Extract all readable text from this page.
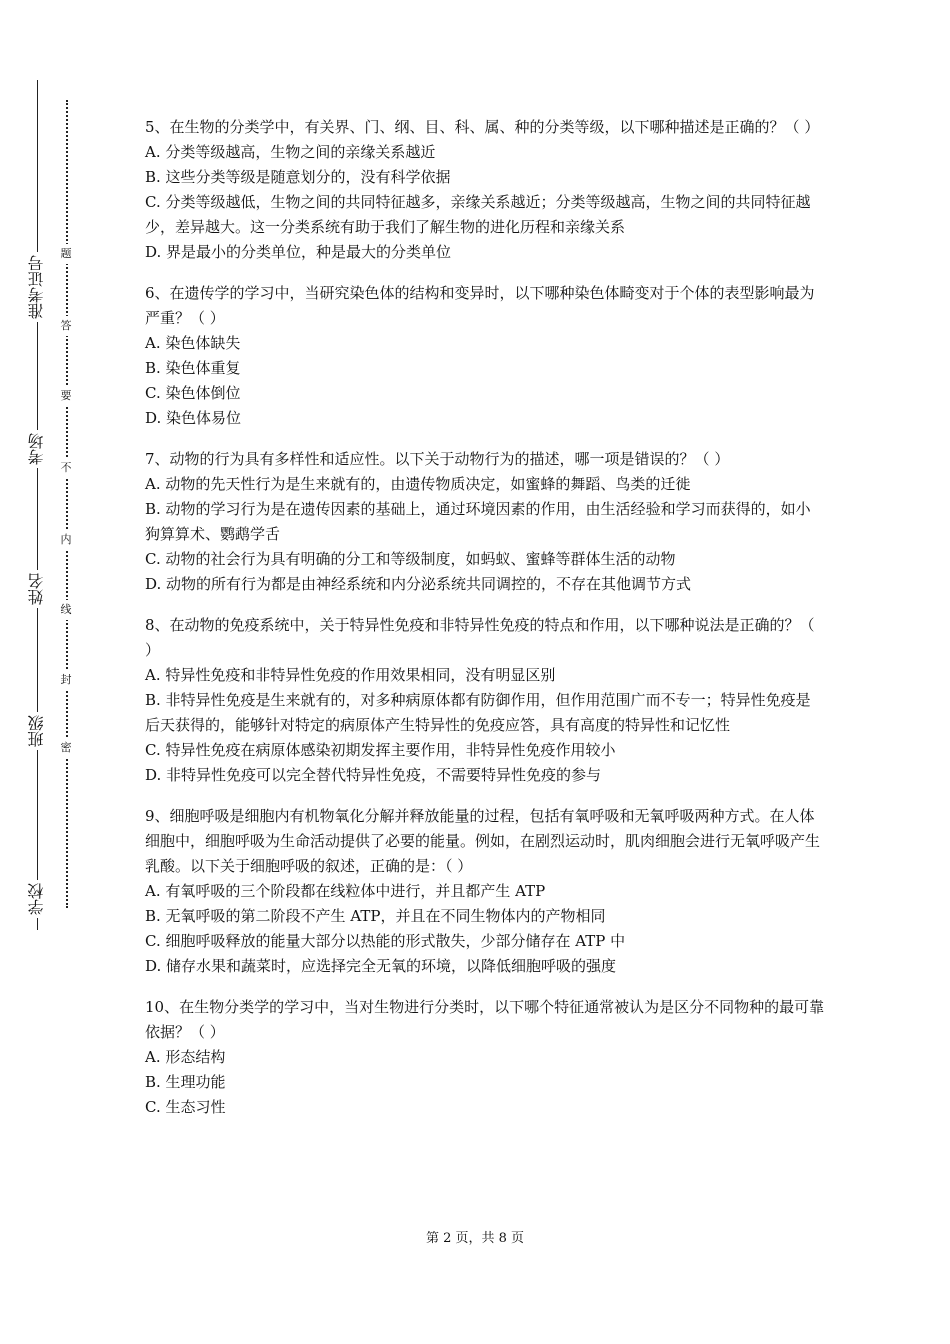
学校
班级
姓名
考场
准考证号
密
封
线
内
不
要
答
题

5、在生物的分类学中，有关界、门、纲、目、科、属、种的分类等级，以下哪种描述是正确的？（ ）

A. 分类等级越高，生物之间的亲缘关系越近

B. 这些分类等级是随意划分的，没有科学依据

C. 分类等级越低，生物之间的共同特征越多，亲缘关系越近；分类等级越高，生物之间的共同特征越少，差异越大。这一分类系统有助于我们了解生物的进化历程和亲缘关系

D. 界是最小的分类单位，种是最大的分类单位

6、在遗传学的学习中，当研究染色体的结构和变异时，以下哪种染色体畸变对于个体的表型影响最为严重？（ ）

A. 染色体缺失

B. 染色体重复

C. 染色体倒位

D. 染色体易位

7、动物的行为具有多样性和适应性。以下关于动物行为的描述，哪一项是错误的？（ ）

A. 动物的先天性行为是生来就有的，由遗传物质决定，如蜜蜂的舞蹈、鸟类的迁徙

B. 动物的学习行为是在遗传因素的基础上，通过环境因素的作用，由生活经验和学习而获得的，如小狗算算术、鹦鹉学舌

C. 动物的社会行为具有明确的分工和等级制度，如蚂蚁、蜜蜂等群体生活的动物

D. 动物的所有行为都是由神经系统和内分泌系统共同调控的，不存在其他调节方式

8、在动物的免疫系统中，关于特异性免疫和非特异性免疫的特点和作用，以下哪种说法是正确的？（ ）

A. 特异性免疫和非特异性免疫的作用效果相同，没有明显区别

B. 非特异性免疫是生来就有的，对多种病原体都有防御作用，但作用范围广而不专一；特异性免疫是后天获得的，能够针对特定的病原体产生特异性的免疫应答，具有高度的特异性和记忆性

C. 特异性免疫在病原体感染初期发挥主要作用，非特异性免疫作用较小

D. 非特异性免疫可以完全替代特异性免疫，不需要特异性免疫的参与

9、细胞呼吸是细胞内有机物氧化分解并释放能量的过程，包括有氧呼吸和无氧呼吸两种方式。在人体细胞中，细胞呼吸为生命活动提供了必要的能量。例如，在剧烈运动时，肌肉细胞会进行无氧呼吸产生乳酸。以下关于细胞呼吸的叙述，正确的是：（ ）

A. 有氧呼吸的三个阶段都在线粒体中进行，并且都产生 ATP

B. 无氧呼吸的第二阶段不产生 ATP，并且在不同生物体内的产物相同

C. 细胞呼吸释放的能量大部分以热能的形式散失，少部分储存在 ATP 中

D. 储存水果和蔬菜时，应选择完全无氧的环境，以降低细胞呼吸的强度

10、在生物分类学的学习中，当对生物进行分类时，以下哪个特征通常被认为是区分不同物种的最可靠依据？（ ）

A. 形态结构

B. 生理功能

C. 生态习性

第 2 页，共 8 页
